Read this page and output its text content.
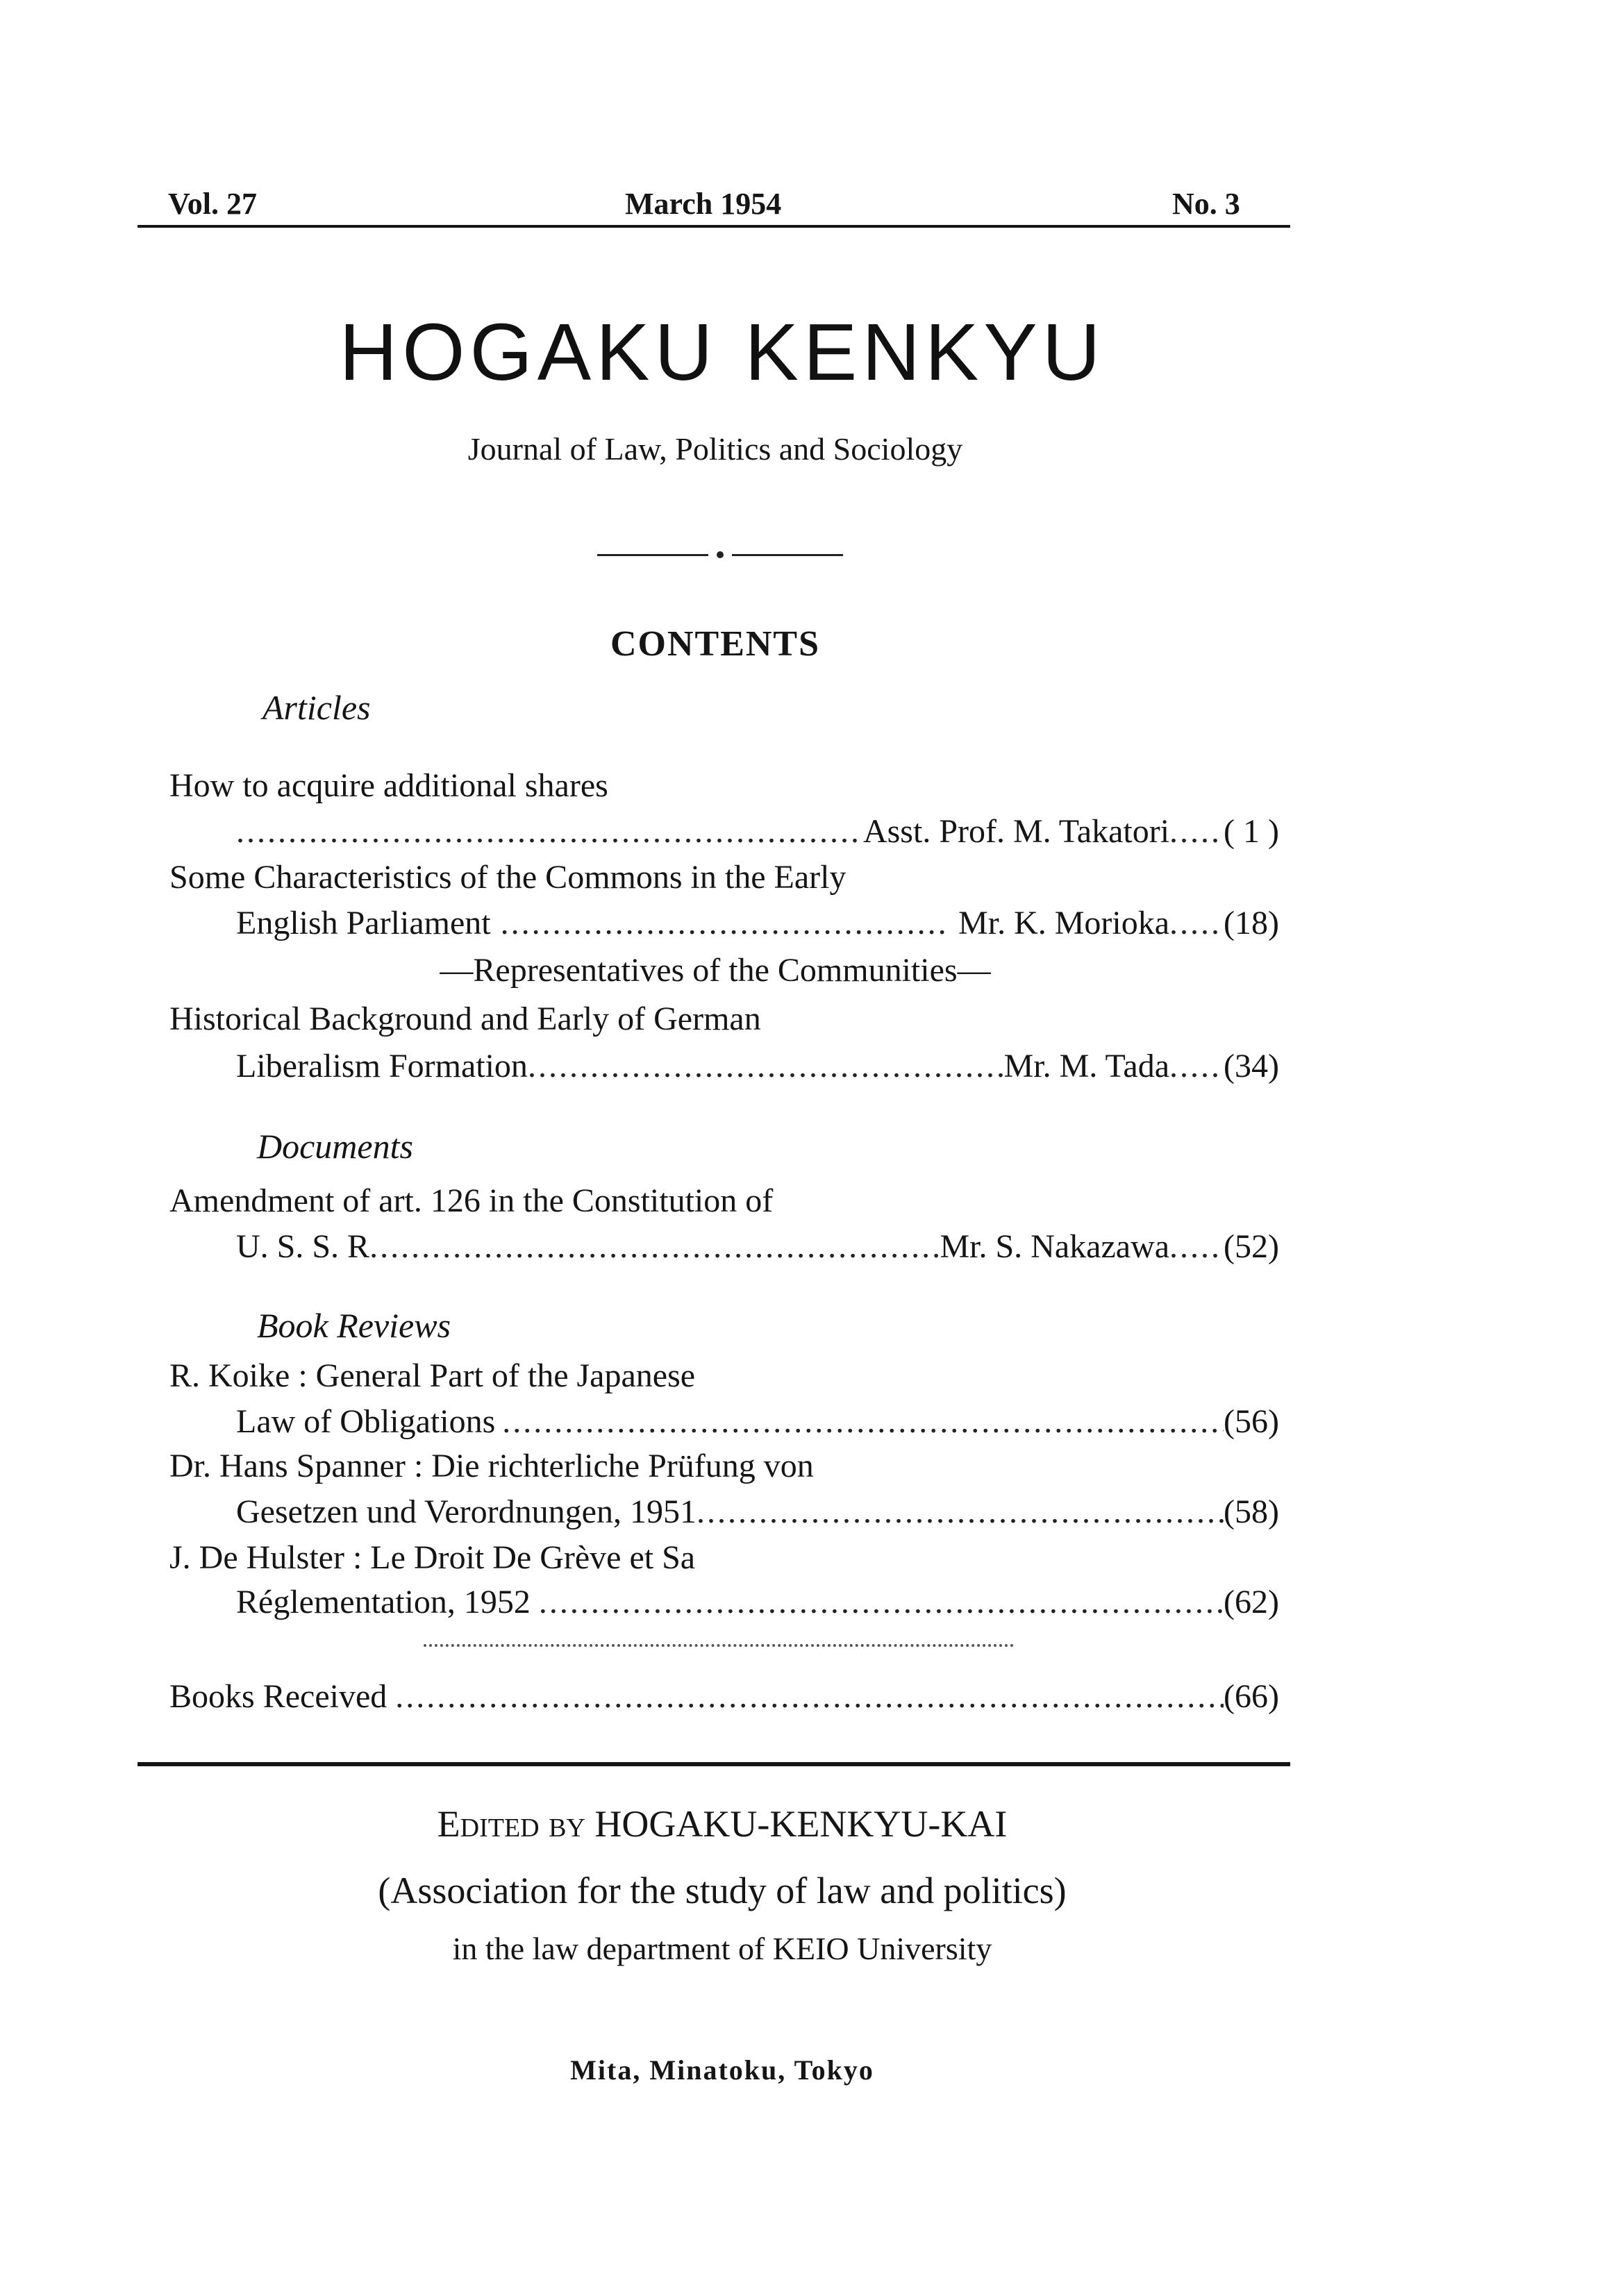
Vol. 27	March 1954	No. 3
HOGAKU KENKYU
Journal of Law, Politics and Sociology
CONTENTS
Articles
How to acquire additional shares
.....
Asst. Prof. M. Takatori ..... ( 1 )
Some Characteristics of the Commons in the Early
English Parliament .....	Mr. K. Morioka ..... (18)
—Representatives of the Communities—
Historical Background and Early of German
Liberalism Formation .....	Mr. M. Tada ..... (34)
Documents
Amendment of art. 126 in the Constitution of
U. S. S. R .....	Mr. S. Nakazawa ..... (52)
Book Reviews
R. Koike : General Part of the Japanese
Law of Obligations .....	(56)
Dr. Hans Spanner : Die richterliche Prüfung von
Gesetzen und Verordnungen, 1951 .....	(58)
J. De Hulster : Le Droit De Grève et Sa
Réglementation, 1952 .....	(62)
Books Received .....	(66)
Edited by HOGAKU-KENKYU-KAI
(Association for the study of law and politics)
in the law department of KEIO University
Mita, Minatoku, Tokyo
